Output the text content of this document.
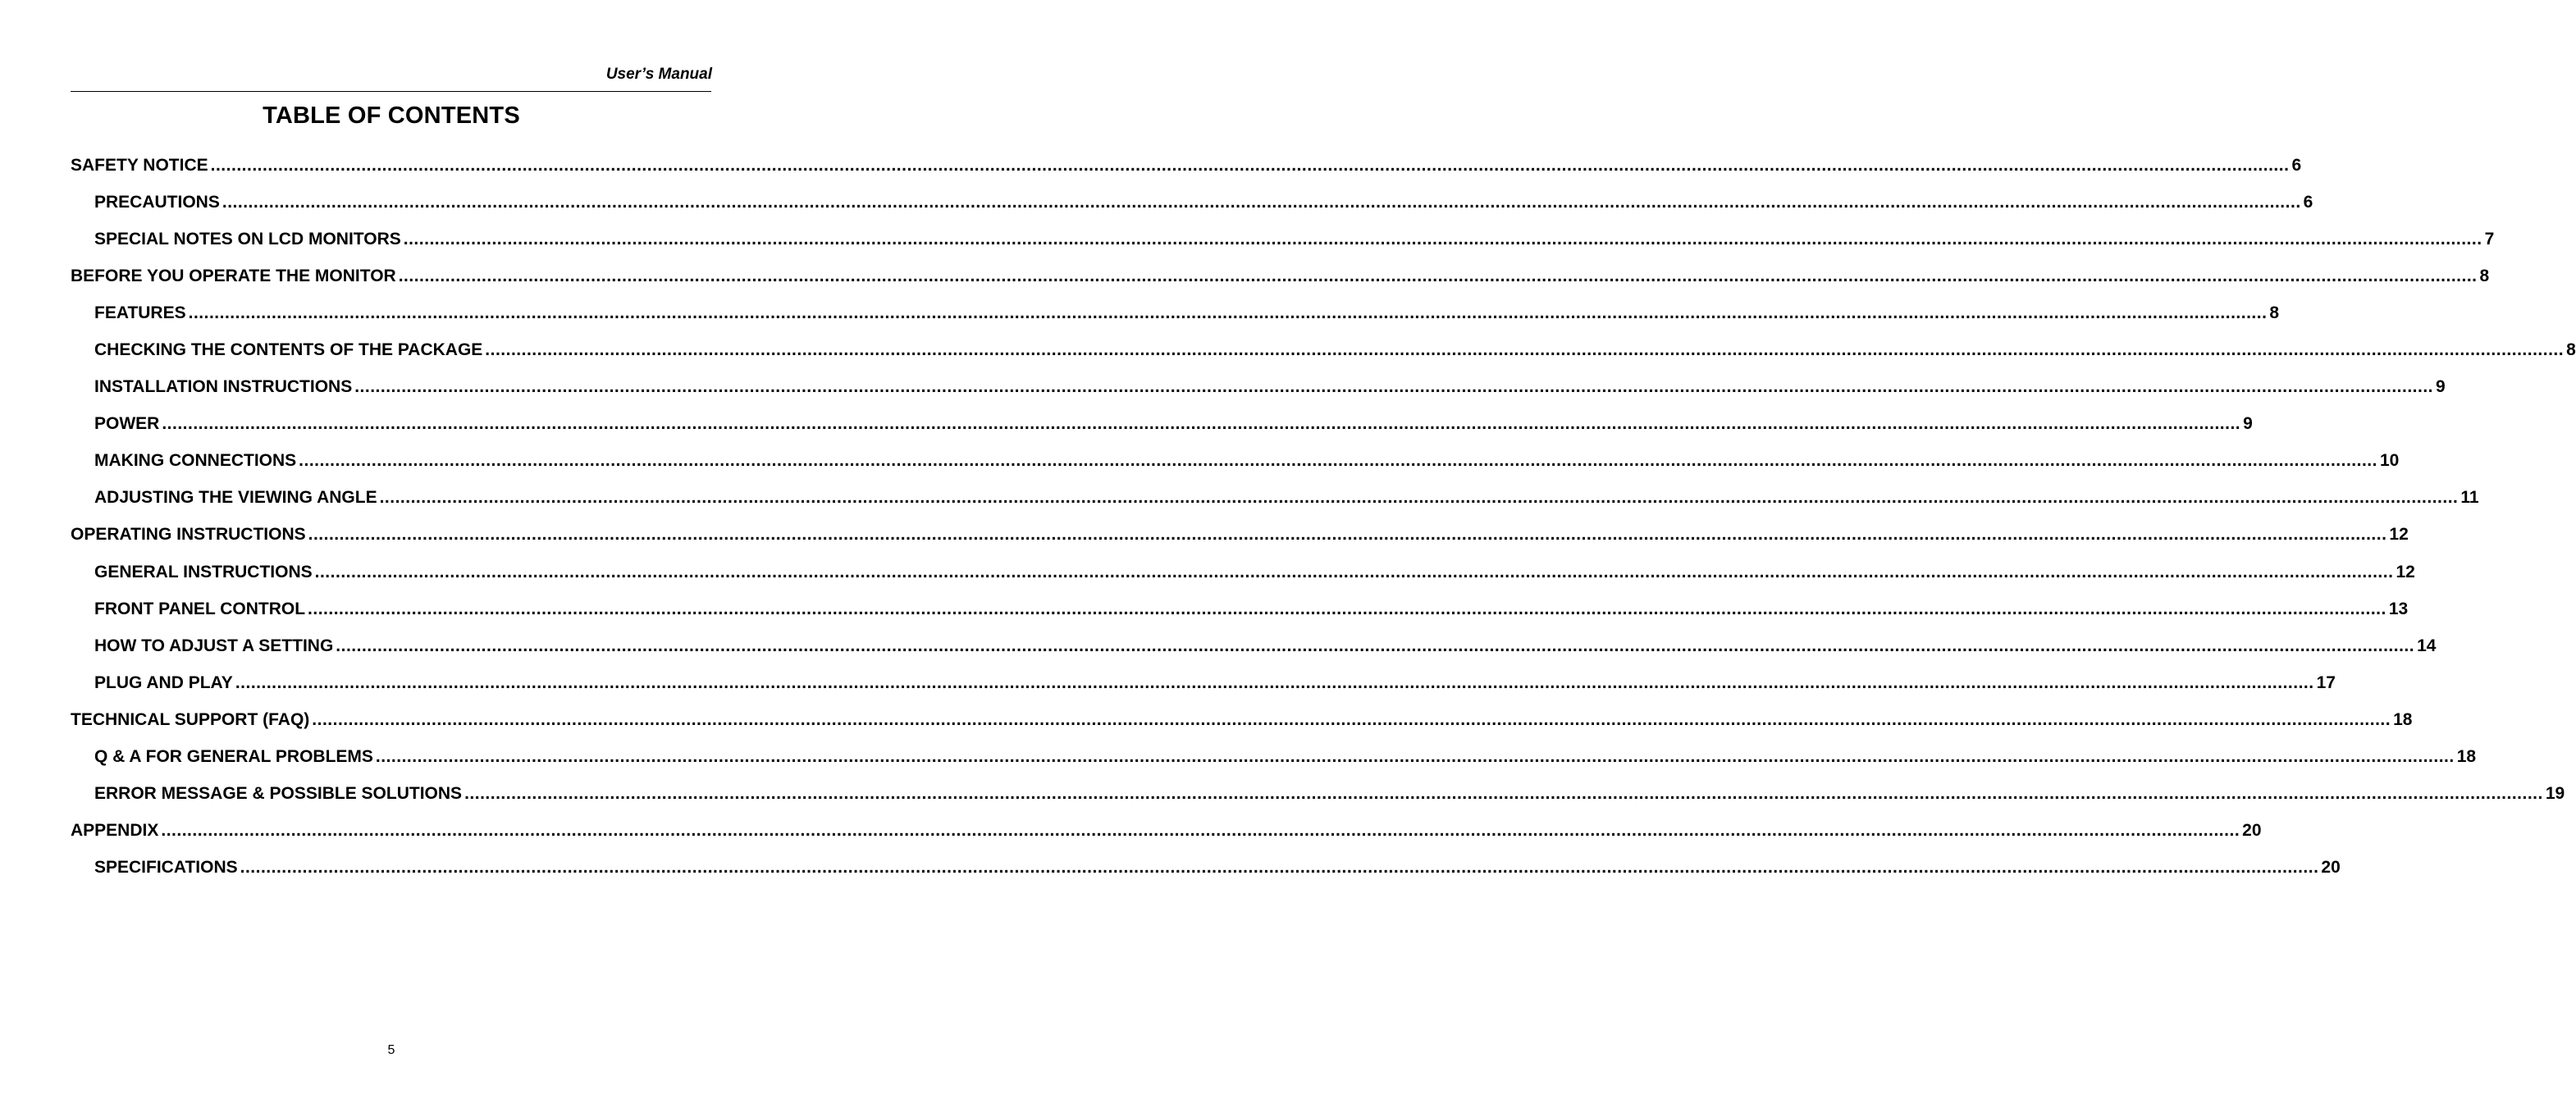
User’s Manual
TABLE OF CONTENTS
SAFETY NOTICE ................................................................................................................................................................................................................................................................................................................................................................................................................ 6
PRECAUTIONS ................................................................................................................................................................................................................................................................................................................................................................................................................ 6
SPECIAL NOTES ON LCD MONITORS ................................................................................................................................................................................................................................................................................................................................................................................................................ 7
BEFORE YOU OPERATE THE MONITOR ................................................................................................................................................................................................................................................................................................................................................................................................................ 8
FEATURES ................................................................................................................................................................................................................................................................................................................................................................................................................ 8
CHECKING THE CONTENTS OF THE PACKAGE ................................................................................................................................................................................................................................................................................................................................................................................................................ 8
INSTALLATION INSTRUCTIONS ................................................................................................................................................................................................................................................................................................................................................................................................................ 9
POWER ................................................................................................................................................................................................................................................................................................................................................................................................................ 9
MAKING CONNECTIONS ................................................................................................................................................................................................................................................................................................................................................................................................................ 10
ADJUSTING THE VIEWING ANGLE ................................................................................................................................................................................................................................................................................................................................................................................................................ 11
OPERATING INSTRUCTIONS ................................................................................................................................................................................................................................................................................................................................................................................................................ 12
GENERAL INSTRUCTIONS ................................................................................................................................................................................................................................................................................................................................................................................................................ 12
FRONT PANEL CONTROL ................................................................................................................................................................................................................................................................................................................................................................................................................ 13
HOW TO ADJUST A SETTING ................................................................................................................................................................................................................................................................................................................................................................................................................ 14
PLUG AND PLAY ................................................................................................................................................................................................................................................................................................................................................................................................................ 17
TECHNICAL SUPPORT (FAQ) ................................................................................................................................................................................................................................................................................................................................................................................................................ 18
Q & A FOR GENERAL PROBLEMS ................................................................................................................................................................................................................................................................................................................................................................................................................ 18
ERROR MESSAGE & POSSIBLE SOLUTIONS ................................................................................................................................................................................................................................................................................................................................................................................................................ 19
APPENDIX ................................................................................................................................................................................................................................................................................................................................................................................................................ 20
SPECIFICATIONS ................................................................................................................................................................................................................................................................................................................................................................................................................ 20
5
